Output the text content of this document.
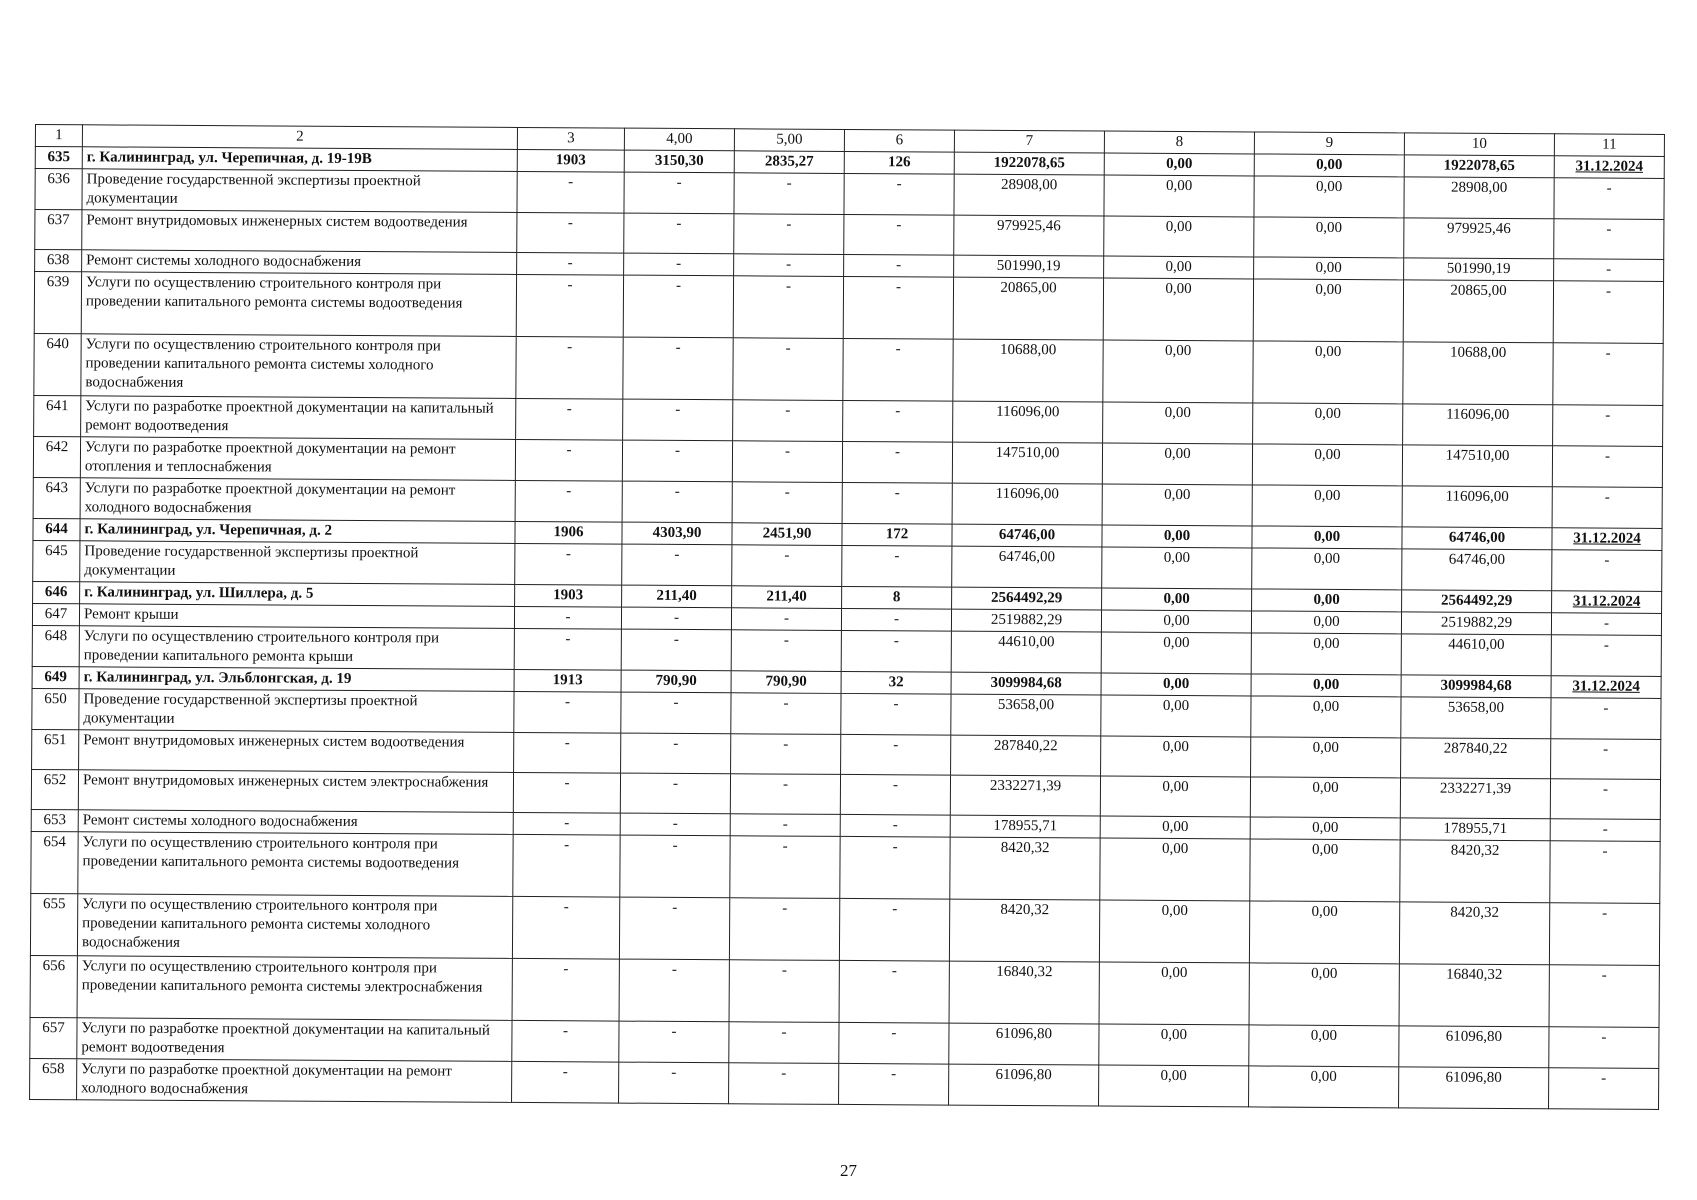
1	2	3	4,00	5,00	6	7	8	9	10	11
635	г. Калининград, ул. Черепичная, д. 19-19В	1903	3150,30	2835,27	126	1922078,65	0,00	0,00	1922078,65	31.12.2024
636	Проведение государственной экспертизы проектной документации	-	-	-	-	28908,00	0,00	0,00	28908,00	-
637	Ремонт внутридомовых инженерных систем водоотведения	-	-	-	-	979925,46	0,00	0,00	979925,46	-
638	Ремонт системы холодного водоснабжения	-	-	-	-	501990,19	0,00	0,00	501990,19	-
639	Услуги по осуществлению строительного контроля при проведении капитального ремонта системы водоотведения	-	-	-	-	20865,00	0,00	0,00	20865,00	-
640	Услуги по осуществлению строительного контроля при проведении капитального ремонта системы холодного водоснабжения	-	-	-	-	10688,00	0,00	0,00	10688,00	-
641	Услуги по разработке проектной документации на капитальный ремонт водоотведения	-	-	-	-	116096,00	0,00	0,00	116096,00	-
642	Услуги по разработке проектной документации на ремонт отопления и теплоснабжения	-	-	-	-	147510,00	0,00	0,00	147510,00	-
643	Услуги по разработке проектной документации на ремонт холодного водоснабжения	-	-	-	-	116096,00	0,00	0,00	116096,00	-
644	г. Калининград, ул. Черепичная, д. 2	1906	4303,90	2451,90	172	64746,00	0,00	0,00	64746,00	31.12.2024
645	Проведение государственной экспертизы проектной документации	-	-	-	-	64746,00	0,00	0,00	64746,00	-
646	г. Калининград, ул. Шиллера, д. 5	1903	211,40	211,40	8	2564492,29	0,00	0,00	2564492,29	31.12.2024
647	Ремонт крыши	-	-	-	-	2519882,29	0,00	0,00	2519882,29	-
648	Услуги по осуществлению строительного контроля при проведении капитального ремонта крыши	-	-	-	-	44610,00	0,00	0,00	44610,00	-
649	г. Калининград, ул. Эльблонгская, д. 19	1913	790,90	790,90	32	3099984,68	0,00	0,00	3099984,68	31.12.2024
650	Проведение государственной экспертизы проектной документации	-	-	-	-	53658,00	0,00	0,00	53658,00	-
651	Ремонт внутридомовых инженерных систем водоотведения	-	-	-	-	287840,22	0,00	0,00	287840,22	-
652	Ремонт внутридомовых инженерных систем электроснабжения	-	-	-	-	2332271,39	0,00	0,00	2332271,39	-
653	Ремонт системы холодного водоснабжения	-	-	-	-	178955,71	0,00	0,00	178955,71	-
654	Услуги по осуществлению строительного контроля при проведении капитального ремонта системы водоотведения	-	-	-	-	8420,32	0,00	0,00	8420,32	-
655	Услуги по осуществлению строительного контроля при проведении капитального ремонта системы холодного водоснабжения	-	-	-	-	8420,32	0,00	0,00	8420,32	-
656	Услуги по осуществлению строительного контроля при проведении капитального ремонта системы электроснабжения	-	-	-	-	16840,32	0,00	0,00	16840,32	-
657	Услуги по разработке проектной документации на капитальный ремонт водоотведения	-	-	-	-	61096,80	0,00	0,00	61096,80	-
658	Услуги по разработке проектной документации на ремонт холодного водоснабжения	-	-	-	-	61096,80	0,00	0,00	61096,80	-
27
